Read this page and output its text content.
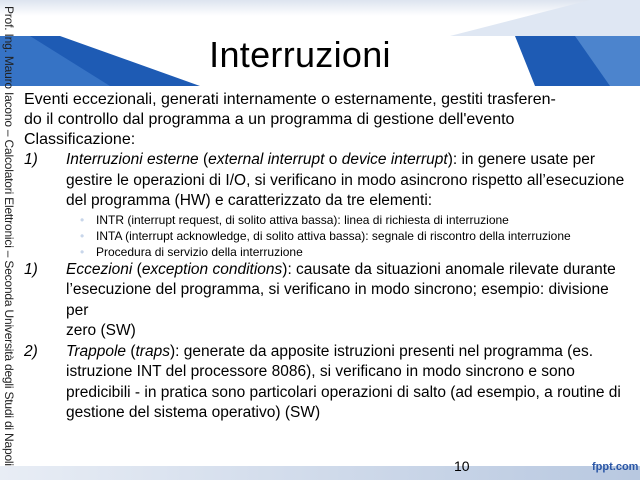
Prof. Ing. Mauro Iacono – Calcolatori Elettronici – Seconda Università degli Studi di Napoli	Interruzioni

Eventi eccezionali, generati internamente o esternamente, gestiti trasferen-
do il controllo dal programma a un programma di gestione dell'evento
Classificazione:

1) Interruzioni esterne (external interrupt o device interrupt): in genere usate per
gestire le operazioni di I/O, si verificano in modo asincrono rispetto all’esecuzione
del programma (HW) e caratterizzato da tre elementi:

• INTR (interrupt request, di solito attiva bassa): linea di richiesta di interruzione
• INTA (interrupt acknowledge, di solito attiva bassa): segnale di riscontro della interruzione
• Procedura di servizio della interruzione

1) Eccezioni (exception conditions): causate da situazioni anomale rilevate durante
l’esecuzione del programma, si verificano in modo sincrono; esempio: divisione per
zero (SW)

2) Trappole (traps): generate da apposite istruzioni presenti nel programma (es.
istruzione INT del processore 8086), si verificano in modo sincrono e sono
predicibili - in pratica sono particolari operazioni di salto (ad esempio, a routine di
gestione del sistema operativo) (SW)

10	fppt.com
